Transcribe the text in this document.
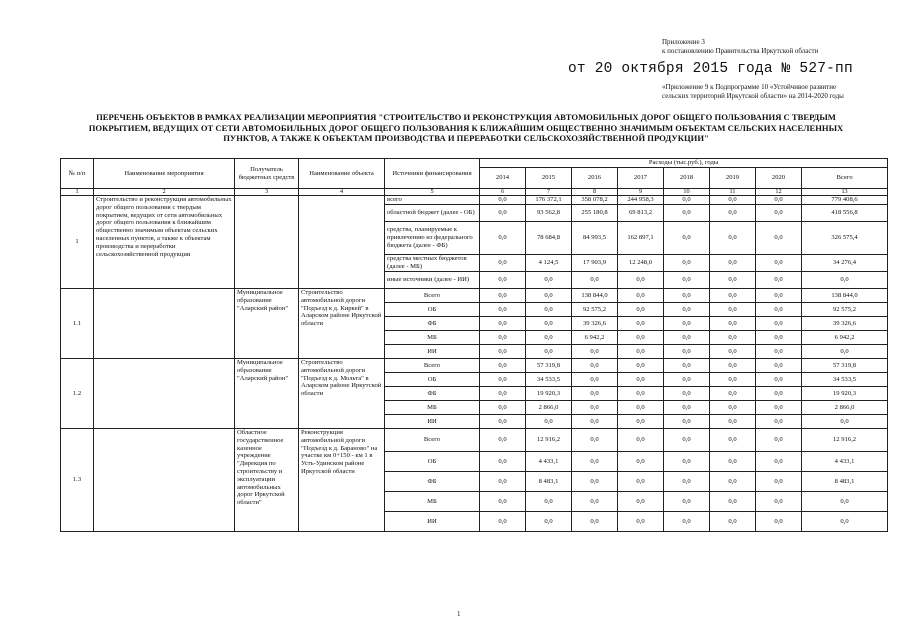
Приложение 3
к постановлению Правительства Иркутской области
от 20 октября 2015 года № 527-пп
«Приложение 9 к Подпрограмме 10 «Устойчивое развитие сельских территорий Иркутской области» на 2014-2020 годы
ПЕРЕЧЕНЬ ОБЪЕКТОВ В РАМКАХ РЕАЛИЗАЦИИ МЕРОПРИЯТИЯ "СТРОИТЕЛЬСТВО И РЕКОНСТРУКЦИЯ АВТОМОБИЛЬНЫХ ДОРОГ ОБЩЕГО ПОЛЬЗОВАНИЯ С ТВЕРДЫМ ПОКРЫТИЕМ, ВЕДУЩИХ ОТ СЕТИ АВТОМОБИЛЬНЫХ ДОРОГ ОБЩЕГО ПОЛЬЗОВАНИЯ К БЛИЖАЙШИМ ОБЩЕСТВЕННО ЗНАЧИМЫМ ОБЪЕКТАМ СЕЛЬСКИХ НАСЕЛЕННЫХ ПУНКТОВ, А ТАКЖЕ К ОБЪЕКТАМ ПРОИЗВОДСТВА И ПЕРЕРАБОТКИ СЕЛЬСКОХОЗЯЙСТВЕННОЙ ПРОДУКЦИИ"
№ п/п	Наименование мероприятия	Получатель бюджетных средств	Наименование объекта	Источники финансирования	Расходы (тыс.руб.), годы							
					2014	2015	2016	2017	2018	2019	2020	Всего
1	2	3	4	5	6	7	8	9	10	11	12	13
1	Строительство и реконструкция автомобильных дорог общего пользования с твердым покрытием, ведущих от сети автомобильных дорог общего пользования к ближайшим общественно значимым объектам сельских населенных пунктов, а также к объектам производства и переработки сельскохозяйственной продукции			всего	0,0	176 372,1	358 078,2	244 958,3	0,0	0,0	0,0	779 408,6
				областной бюджет (далее - ОБ)	0,0	93 562,8	255 180,8	69 813,2	0,0	0,0	0,0	418 556,8
				средства, планируемые к привлечению из федерального бюджета (далее - ФБ)	0,0	78 684,8	84 993,5	162 897,1	0,0	0,0	0,0	326 575,4
				средства местных бюджетов (далее - МБ)	0,0	4 124,5	17 903,9	12 248,0	0,0	0,0	0,0	34 276,4
				иные источники (далее - ИИ)	0,0	0,0	0,0	0,0	0,0	0,0	0,0	0,0
1.1		Муниципальное образование "Аларский район"	Строительство автомобильной дороги "Подъезд к д. Киркей" в Аларском районе Иркутской области	Всего	0,0	0,0	138 844,0	0,0	0,0	0,0	0,0	138 844,0
				ОБ	0,0	0,0	92 575,2	0,0	0,0	0,0	0,0	92 575,2
				ФБ	0,0	0,0	39 326,6	0,0	0,0	0,0	0,0	39 326,6
				МБ	0,0	0,0	6 942,2	0,0	0,0	0,0	0,0	6 942,2
				ИИ	0,0	0,0	0,0	0,0	0,0	0,0	0,0	0,0
1.2		Муниципальное образование "Аларский район"	Строительство автомобильной дороги "Подъезд к д. Мольта" в Аларском районе Иркутской области	Всего	0,0	57 319,8	0,0	0,0	0,0	0,0	0,0	57 319,8
				ОБ	0,0	34 533,5	0,0	0,0	0,0	0,0	0,0	34 533,5
				ФБ	0,0	19 920,3	0,0	0,0	0,0	0,0	0,0	19 920,3
				МБ	0,0	2 866,0	0,0	0,0	0,0	0,0	0,0	2 866,0
				ИИ	0,0	0,0	0,0	0,0	0,0	0,0	0,0	0,0
1.3		Областное государственное казенное учреждение "Дирекция по строительству и эксплуатации автомобильных дорог Иркутской области"	Реконструкция автомобильной дороги "Подъезд к д. Бараново" на участке км 0+150 - км 1 в Усть-Удинском районе Иркутской области	Всего	0,0	12 916,2	0,0	0,0	0,0	0,0	0,0	12 916,2
				ОБ	0,0	4 433,1	0,0	0,0	0,0	0,0	0,0	4 433,1
				ФБ	0,0	8 483,1	0,0	0,0	0,0	0,0	0,0	8 483,1
				МБ	0,0	0,0	0,0	0,0	0,0	0,0	0,0	0,0
				ИИ	0,0	0,0	0,0	0,0	0,0	0,0	0,0	0,0
1
